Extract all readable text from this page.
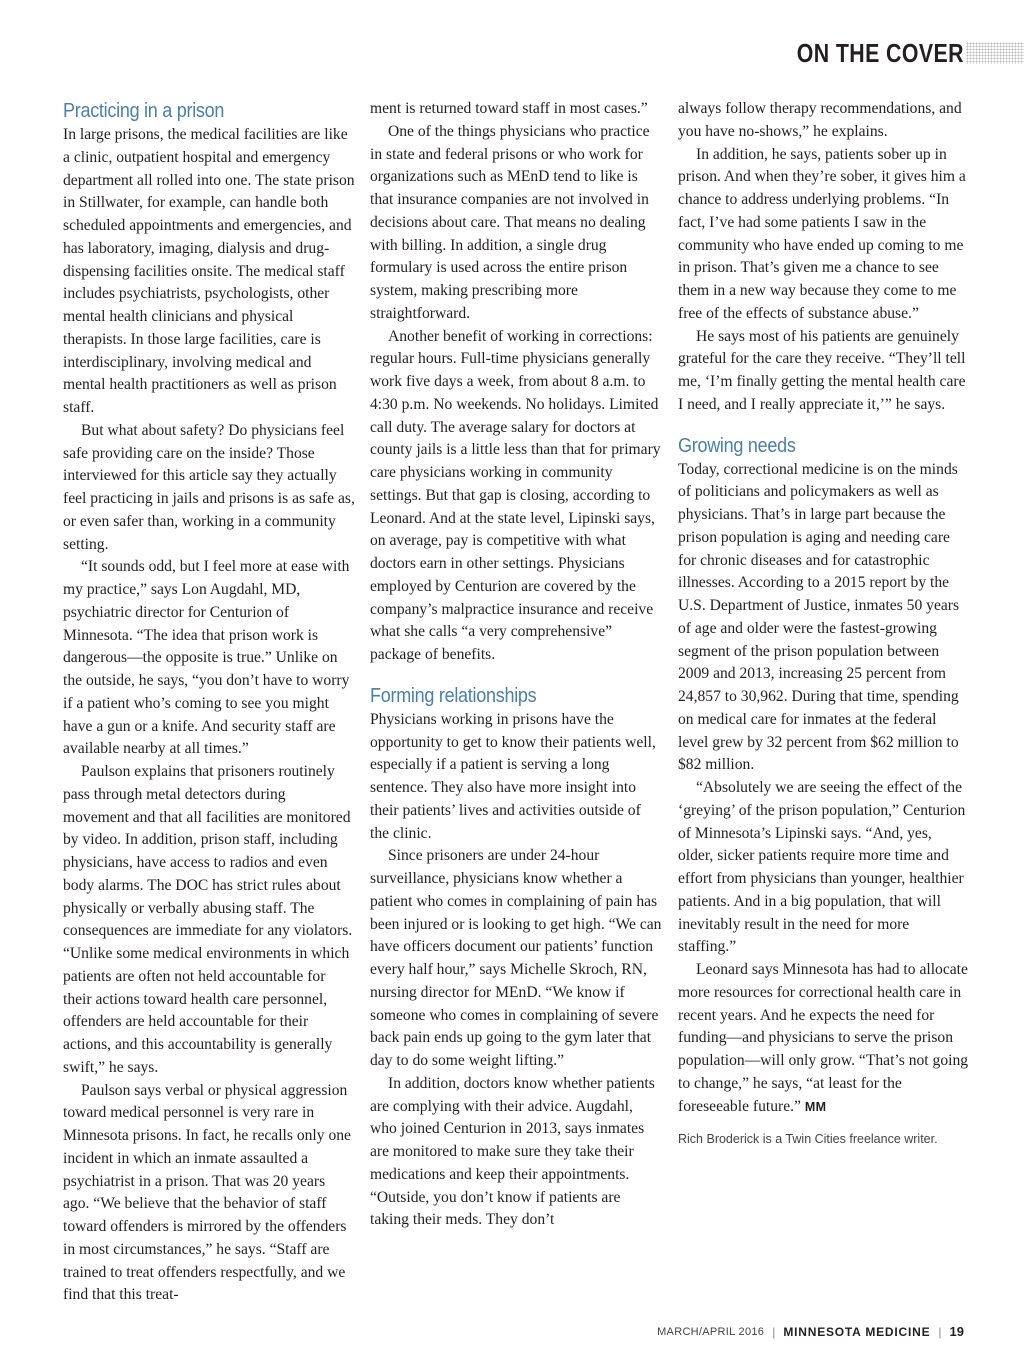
ON THE COVER
Practicing in a prison

In large prisons, the medical facilities are like a clinic, outpatient hospital and emergency department all rolled into one. The state prison in Stillwater, for example, can handle both scheduled appointments and emergencies, and has laboratory, imaging, dialysis and drug-dispensing facilities onsite. The medical staff includes psychiatrists, psychologists, other mental health clinicians and physical therapists. In those large facilities, care is interdisciplinary, involving medical and mental health practitioners as well as prison staff.

But what about safety? Do physicians feel safe providing care on the inside? Those interviewed for this article say they actually feel practicing in jails and prisons is as safe as, or even safer than, working in a community setting.

“It sounds odd, but I feel more at ease with my practice,” says Lon Augdahl, MD, psychiatric director for Centurion of Minnesota. “The idea that prison work is dangerous—the opposite is true.” Unlike on the outside, he says, “you don’t have to worry if a patient who’s coming to see you might have a gun or a knife. And security staff are available nearby at all times.”

Paulson explains that prisoners routinely pass through metal detectors during movement and that all facilities are monitored by video. In addition, prison staff, including physicians, have access to radios and even body alarms. The DOC has strict rules about physically or verbally abusing staff. The consequences are immediate for any violators. “Unlike some medical environments in which patients are often not held accountable for their actions toward health care personnel, offenders are held accountable for their actions, and this accountability is generally swift,” he says.

Paulson says verbal or physical aggression toward medical personnel is very rare in Minnesota prisons. In fact, he recalls only one incident in which an inmate assaulted a psychiatrist in a prison. That was 20 years ago. “We believe that the behavior of staff toward offenders is mirrored by the offenders in most circumstances,” he says. “Staff are trained to treat offenders respectfully, and we find that this treat-

ment is returned toward staff in most cases.”

One of the things physicians who practice in state and federal prisons or who work for organizations such as MEnD tend to like is that insurance companies are not involved in decisions about care. That means no dealing with billing. In addition, a single drug formulary is used across the entire prison system, making prescribing more straightforward.

Another benefit of working in corrections: regular hours. Full-time physicians generally work five days a week, from about 8 a.m. to 4:30 p.m. No weekends. No holidays. Limited call duty. The average salary for doctors at county jails is a little less than that for primary care physicians working in community settings. But that gap is closing, according to Leonard. And at the state level, Lipinski says, on average, pay is competitive with what doctors earn in other settings. Physicians employed by Centurion are covered by the company’s malpractice insurance and receive what she calls “a very comprehensive” package of benefits.

Forming relationships

Physicians working in prisons have the opportunity to get to know their patients well, especially if a patient is serving a long sentence. They also have more insight into their patients’ lives and activities outside of the clinic.

Since prisoners are under 24-hour surveillance, physicians know whether a patient who comes in complaining of pain has been injured or is looking to get high. “We can have officers document our patients’ function every half hour,” says Michelle Skroch, RN, nursing director for MEnD. “We know if someone who comes in complaining of severe back pain ends up going to the gym later that day to do some weight lifting.”

In addition, doctors know whether patients are complying with their advice. Augdahl, who joined Centurion in 2013, says inmates are monitored to make sure they take their medications and keep their appointments. “Outside, you don’t know if patients are taking their meds. They don’t

always follow therapy recommendations, and you have no-shows,” he explains.

In addition, he says, patients sober up in prison. And when they’re sober, it gives him a chance to address underlying problems. “In fact, I’ve had some patients I saw in the community who have ended up coming to me in prison. That’s given me a chance to see them in a new way because they come to me free of the effects of substance abuse.”

He says most of his patients are genuinely grateful for the care they receive. “They’ll tell me, ‘I’m finally getting the mental health care I need, and I really appreciate it,’” he says.

Growing needs

Today, correctional medicine is on the minds of politicians and policymakers as well as physicians. That’s in large part because the prison population is aging and needing care for chronic diseases and for catastrophic illnesses. According to a 2015 report by the U.S. Department of Justice, inmates 50 years of age and older were the fastest-growing segment of the prison population between 2009 and 2013, increasing 25 percent from 24,857 to 30,962. During that time, spending on medical care for inmates at the federal level grew by 32 percent from $62 million to $82 million.

“Absolutely we are seeing the effect of the ‘greying’ of the prison population,” Centurion of Minnesota’s Lipinski says. “And, yes, older, sicker patients require more time and effort from physicians than younger, healthier patients. And in a big population, that will inevitably result in the need for more staffing.”

Leonard says Minnesota has had to allocate more resources for correctional health care in recent years. And he expects the need for funding—and physicians to serve the prison population—will only grow. “That’s not going to change,” he says, “at least for the foreseeable future.” MM

Rich Broderick is a Twin Cities freelance writer.

MARCH/APRIL 2016 | MINNESOTA MEDICINE | 19
